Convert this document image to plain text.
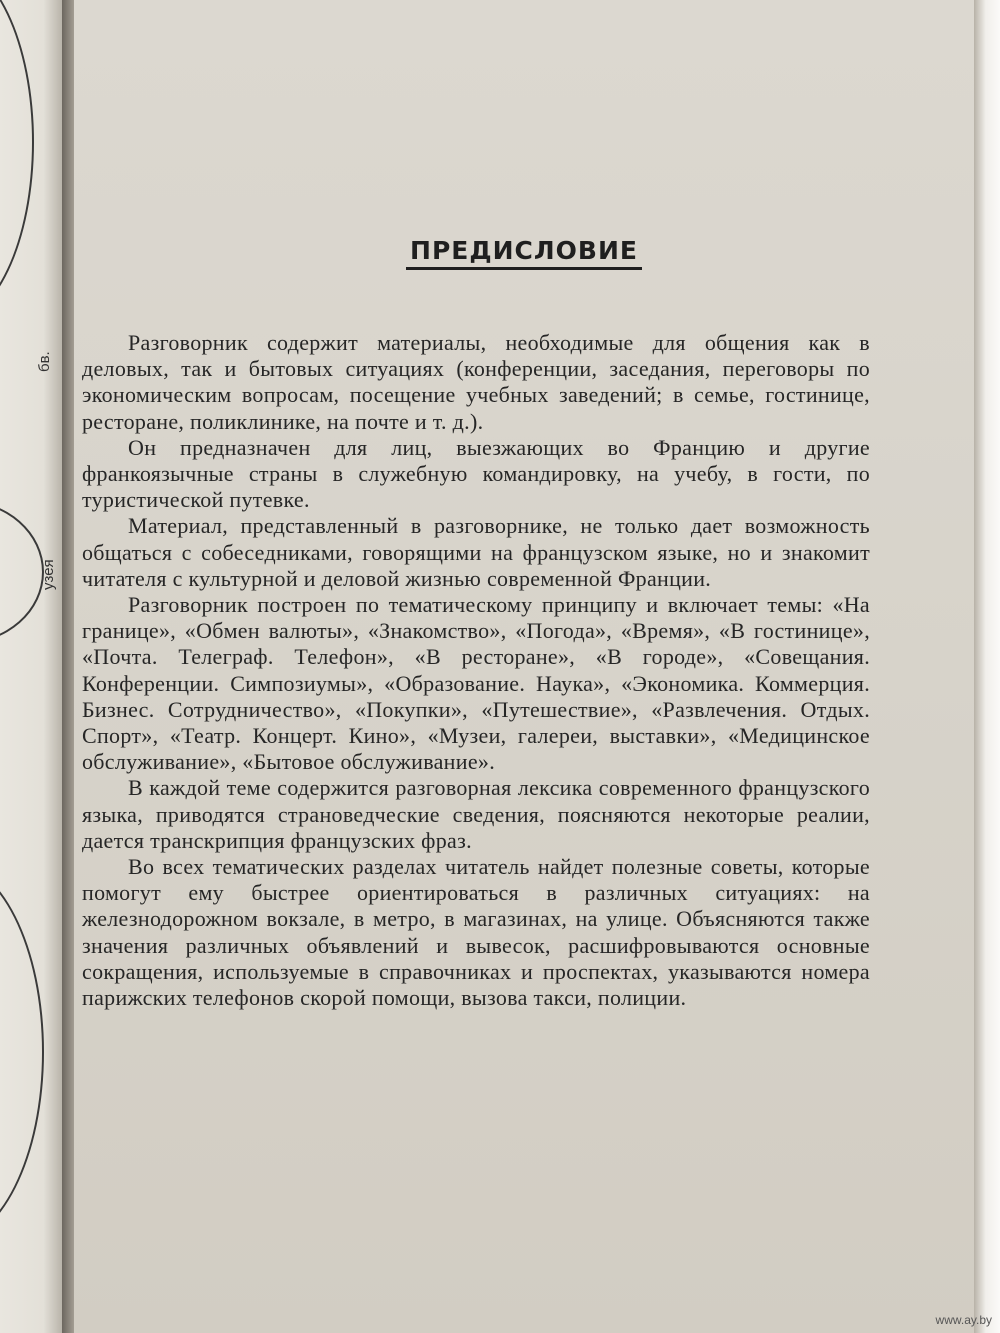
бв.
узея
ПРЕДИСЛОВИЕ

Разговорник содержит материалы, необходимые для общения как в деловых, так и бытовых ситуациях (конференции, заседания, переговоры по экономическим вопросам, посещение учебных заведений; в семье, гостинице, ресторане, поликлинике, на почте и т. д.).

Он предназначен для лиц, выезжающих во Францию и другие франкоязычные страны в служебную командировку, на учебу, в гости, по туристической путевке.

Материал, представленный в разговорнике, не только дает возможность общаться с собеседниками, говорящими на французском языке, но и знакомит читателя с культурной и деловой жизнью современной Франции.

Разговорник построен по тематическому принципу и включает темы: «На границе», «Обмен валюты», «Знакомство», «Погода», «Время», «В гостинице», «Почта. Телеграф. Телефон», «В ресторане», «В городе», «Совещания. Конференции. Симпозиумы», «Образование. Наука», «Экономика. Коммерция. Бизнес. Сотрудничество», «Покупки», «Путешествие», «Развлечения. Отдых. Спорт», «Театр. Концерт. Кино», «Музеи, галереи, выставки», «Медицинское обслуживание», «Бытовое обслуживание».

В каждой теме содержится разговорная лексика современного французского языка, приводятся страноведческие сведения, поясняются некоторые реалии, дается транскрипция французских фраз.

Во всех тематических разделах читатель найдет полезные советы, которые помогут ему быстрее ориентироваться в различных ситуациях: на железнодорожном вокзале, в метро, в магазинах, на улице. Объясняются также значения различных объявлений и вывесок, расшифровываются основные сокращения, используемые в справочниках и проспектах, указываются номера парижских телефонов скорой помощи, вызова такси, полиции.

www.ay.by
